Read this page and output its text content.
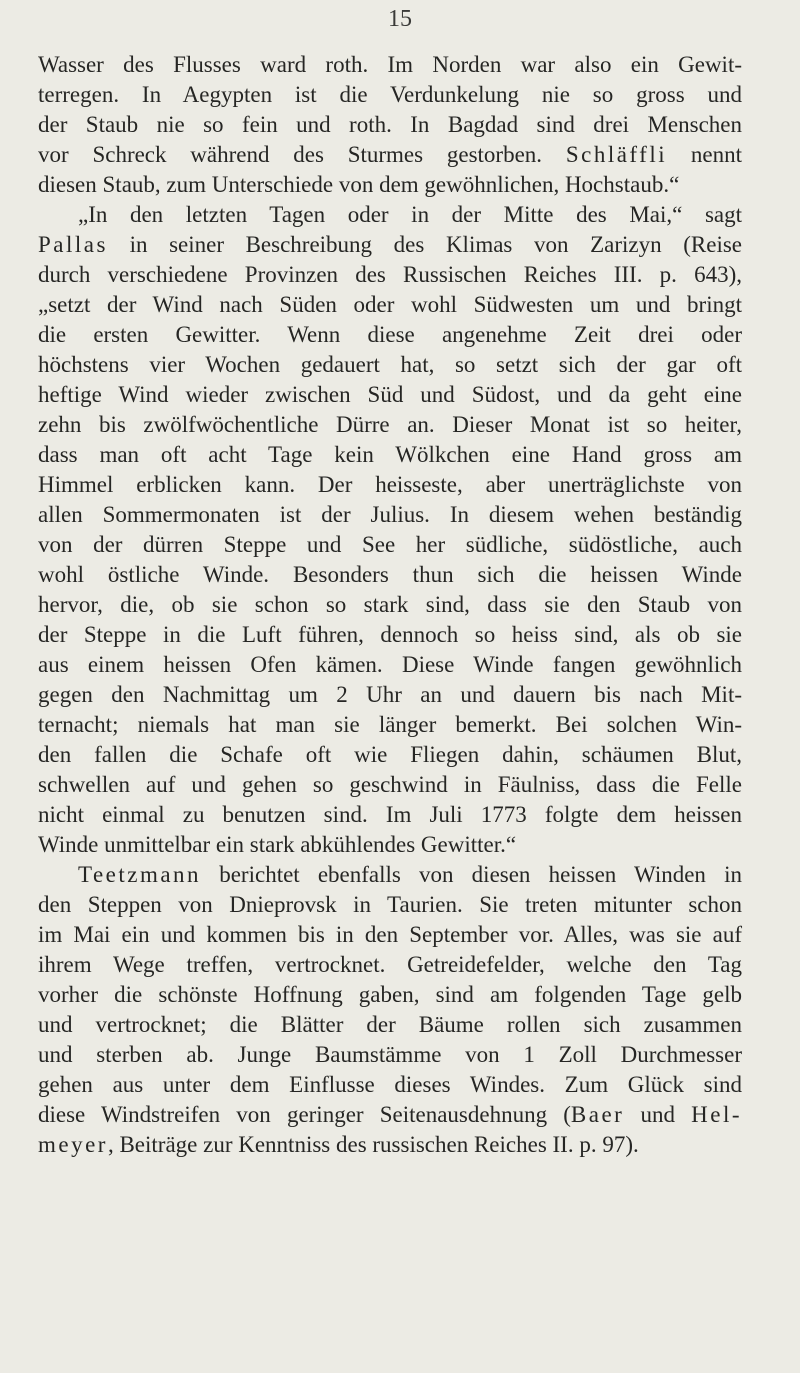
15
Wasser des Flusses ward roth. Im Norden war also ein Gewit-
terregen. In Aegypten ist die Verdunkelung nie so gross und
der Staub nie so fein und roth. In Bagdad sind drei Menschen
vor Schreck während des Sturmes gestorben. Schläffli nennt
diesen Staub, zum Unterschiede von dem gewöhnlichen, Hochstaub.“
„In den letzten Tagen oder in der Mitte des Mai,“ sagt
Pallas in seiner Beschreibung des Klimas von Zarizyn (Reise
durch verschiedene Provinzen des Russischen Reiches III. p. 643),
„setzt der Wind nach Süden oder wohl Südwesten um und bringt
die ersten Gewitter. Wenn diese angenehme Zeit drei oder
höchstens vier Wochen gedauert hat, so setzt sich der gar oft
heftige Wind wieder zwischen Süd und Südost, und da geht eine
zehn bis zwölfwöchentliche Dürre an. Dieser Monat ist so heiter,
dass man oft acht Tage kein Wölkchen eine Hand gross am
Himmel erblicken kann. Der heisseste, aber unerträglichste von
allen Sommermonaten ist der Julius. In diesem wehen beständig
von der dürren Steppe und See her südliche, südöstliche, auch
wohl östliche Winde. Besonders thun sich die heissen Winde
hervor, die, ob sie schon so stark sind, dass sie den Staub von
der Steppe in die Luft führen, dennoch so heiss sind, als ob sie
aus einem heissen Ofen kämen. Diese Winde fangen gewöhnlich
gegen den Nachmittag um 2 Uhr an und dauern bis nach Mit-
ternacht; niemals hat man sie länger bemerkt. Bei solchen Win-
den fallen die Schafe oft wie Fliegen dahin, schäumen Blut,
schwellen auf und gehen so geschwind in Fäulniss, dass die Felle
nicht einmal zu benutzen sind. Im Juli 1773 folgte dem heissen
Winde unmittelbar ein stark abkühlendes Gewitter.“
Teetzmann berichtet ebenfalls von diesen heissen Winden in
den Steppen von Dnieprovsk in Taurien. Sie treten mitunter schon
im Mai ein und kommen bis in den September vor. Alles, was sie auf
ihrem Wege treffen, vertrocknet. Getreidefelder, welche den Tag
vorher die schönste Hoffnung gaben, sind am folgenden Tage gelb
und vertrocknet; die Blätter der Bäume rollen sich zusammen
und sterben ab. Junge Baumstämme von 1 Zoll Durchmesser
gehen aus unter dem Einflusse dieses Windes. Zum Glück sind
diese Windstreifen von geringer Seitenausdehnung (Baer und Hel-
meyer, Beiträge zur Kenntniss des russischen Reiches II. p. 97).
